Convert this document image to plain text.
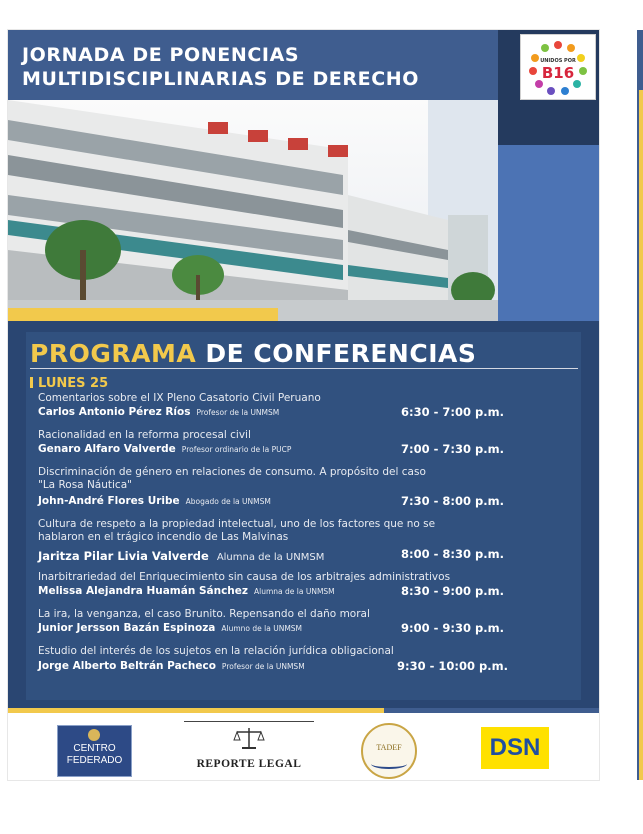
JORNADA DE PONENCIAS
MULTIDISCIPLINARIAS DE DERECHO
UNIDOS POR
B16
PROGRAMA DE CONFERENCIAS
LUNES 25
Comentarios sobre el IX Pleno Casatorio Civil Peruano
Carlos Antonio Pérez Ríos Profesor de la UNMSM	6:30 - 7:00 p.m.
Racionalidad en la reforma procesal civil
Genaro Alfaro Valverde Profesor ordinario de la PUCP	7:00 - 7:30 p.m.
Discriminación de género en relaciones de consumo. A propósito del caso
"La Rosa Náutica"
John-André Flores Uribe Abogado de la UNMSM	7:30 - 8:00 p.m.
Cultura de respeto a la propiedad intelectual, uno de los factores que no se
hablaron en el trágico incendio de Las Malvinas
Jaritza Pilar Livia Valverde Alumna de la UNMSM	8:00 - 8:30 p.m.
Inarbitrariedad del Enriquecimiento sin causa de los arbitrajes administrativos
Melissa Alejandra Huamán Sánchez Alumna de la UNMSM	8:30 - 9:00 p.m.
La ira, la venganza, el caso Brunito. Repensando el daño moral
Junior Jersson Bazán Espinoza Alumno de la UNMSM	9:00 - 9:30 p.m.
Estudio del interés de los sujetos en la relación jurídica obligacional
Jorge Alberto Beltrán Pacheco Profesor de la UNMSM	9:30 - 10:00 p.m.
CENTRO
FEDERADO	REPORTE LEGAL
TADEF	DSN
